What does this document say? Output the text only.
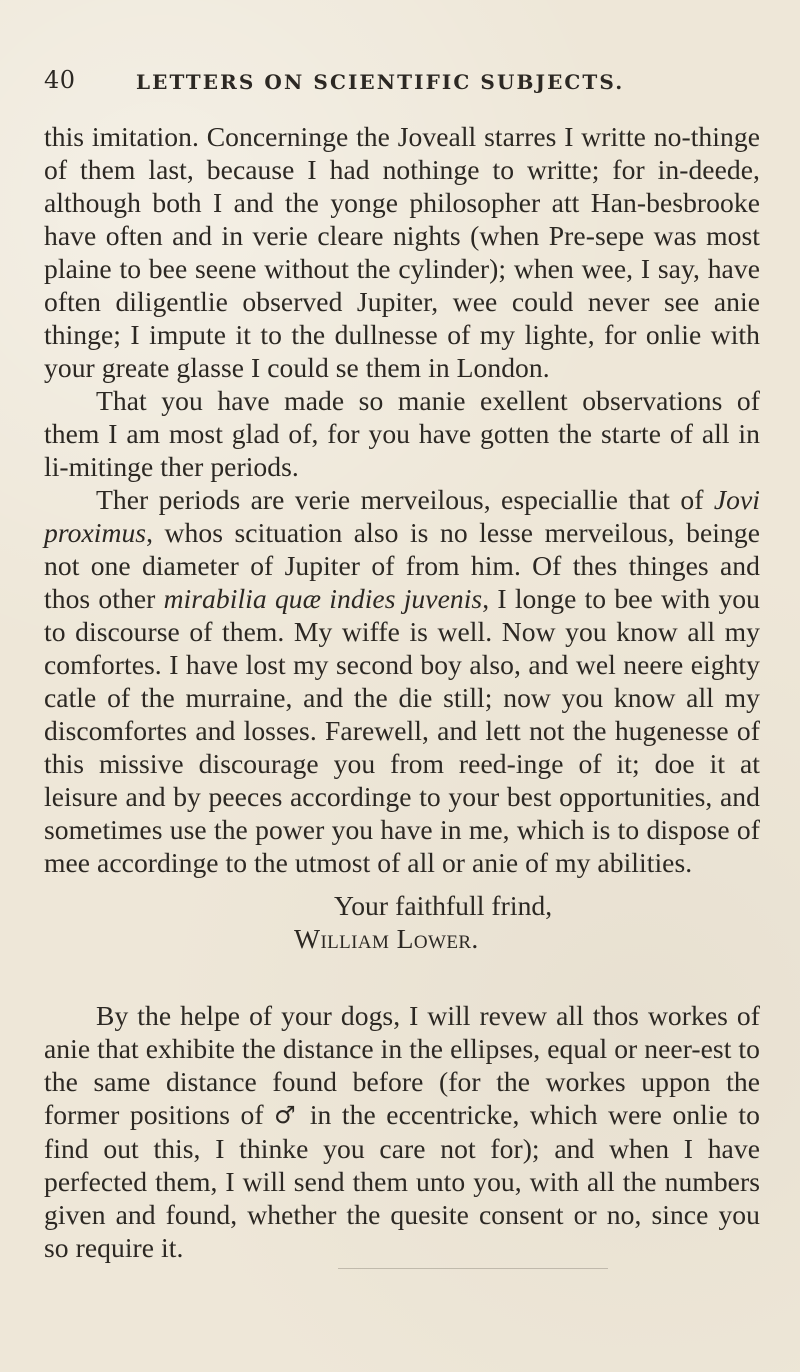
40	LETTERS ON SCIENTIFIC SUBJECTS.

this imitation. Concerninge the Joveall starres I writte no-thinge of them last, because I had nothinge to writte; for in-deede, although both I and the yonge philosopher att Han-besbrooke have often and in verie cleare nights (when Pre-sepe was most plaine to bee seene without the cylinder); when wee, I say, have often diligentlie observed Jupiter, wee could never see anie thinge; I impute it to the dullnesse of my lighte, for onlie with your greate glasse I could se them in London.

That you have made so manie exellent observations of them I am most glad of, for you have gotten the starte of all in li-mitinge ther periods.

Ther periods are verie merveilous, especiallie that of Jovi proximus, whos scituation also is no lesse merveilous, beinge not one diameter of Jupiter of from him. Of thes thinges and thos other mirabilia quæ indies juvenis, I longe to bee with you to discourse of them. My wiffe is well. Now you know all my comfortes. I have lost my second boy also, and wel neere eighty catle of the murraine, and the die still; now you know all my discomfortes and losses. Farewell, and lett not the hugenesse of this missive discourage you from reed-inge of it; doe it at leisure and by peeces accordinge to your best opportunities, and sometimes use the power you have in me, which is to dispose of mee accordinge to the utmost of all or anie of my abilities.

Your faithfull frind,

William Lower.

By the helpe of your dogs, I will revew all thos workes of anie that exhibite the distance in the ellipses, equal or neer-est to the same distance found before (for the workes uppon the former positions of ♂ in the eccentricke, which were onlie to find out this, I thinke you care not for); and when I have perfected them, I will send them unto you, with all the numbers given and found, whether the quesite consent or no, since you so require it.
